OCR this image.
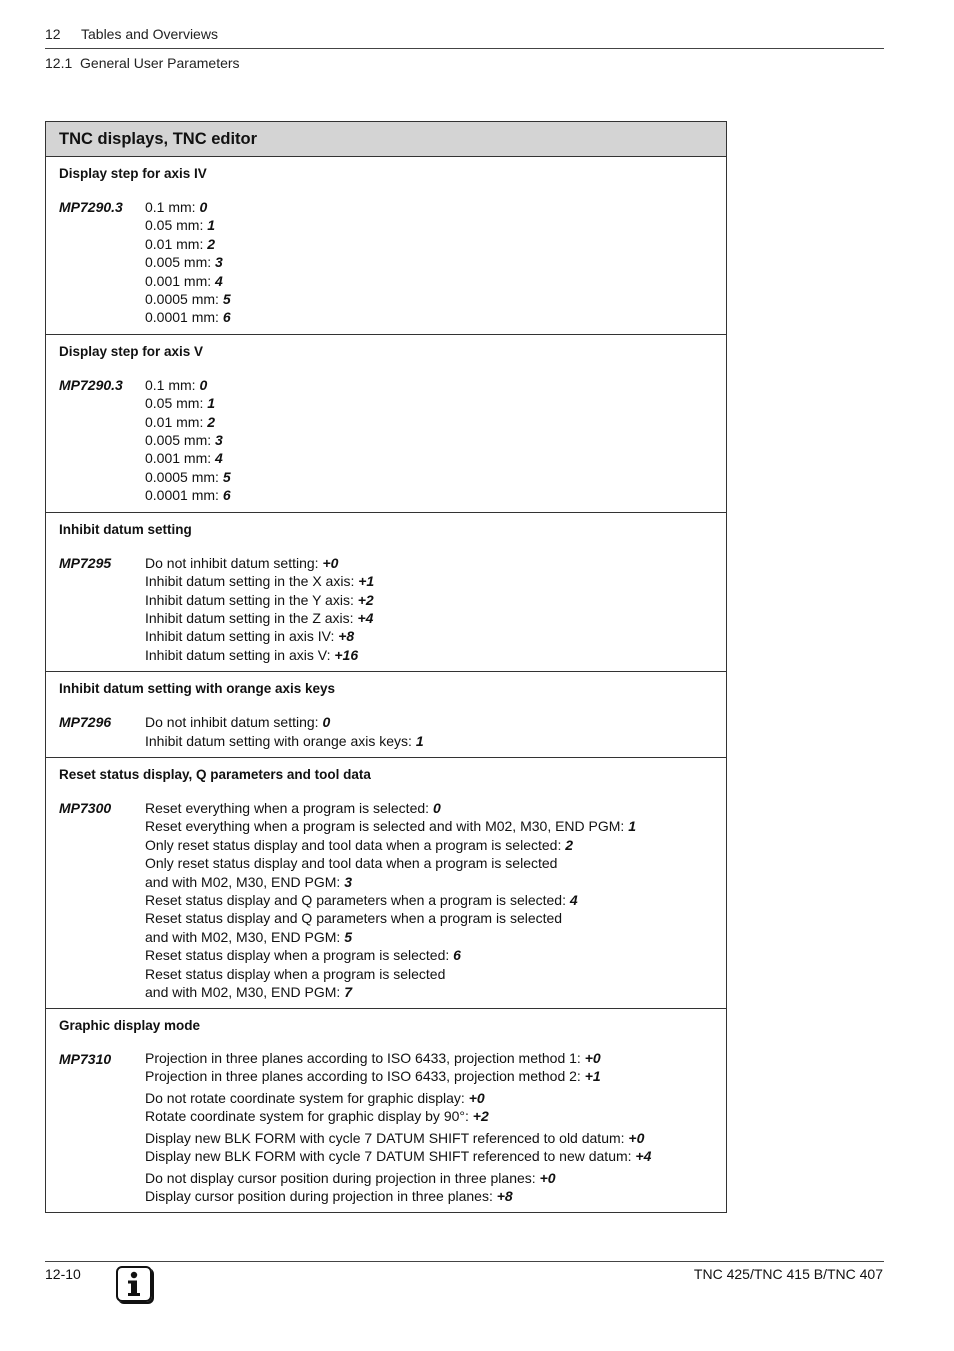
12 Tables and Overviews
12.1 General User Parameters
TNC displays, TNC editor
Display step for axis IV
MP7290.3	0.1 mm: 0
0.05 mm: 1
0.01 mm: 2
0.005 mm: 3
0.001 mm: 4
0.0005 mm: 5
0.0001 mm: 6
Display step for axis V
MP7290.3	0.1 mm: 0
0.05 mm: 1
0.01 mm: 2
0.005 mm: 3
0.001 mm: 4
0.0005 mm: 5
0.0001 mm: 6
Inhibit datum setting
MP7295	Do not inhibit datum setting: +0
Inhibit datum setting in the X axis: +1
Inhibit datum setting in the Y axis: +2
Inhibit datum setting in the Z axis: +4
Inhibit datum setting in axis IV: +8
Inhibit datum setting in axis V: +16
Inhibit datum setting with orange axis keys
MP7296	Do not inhibit datum setting: 0
Inhibit datum setting with orange axis keys: 1
Reset status display, Q parameters and tool data
MP7300	Reset everything when a program is selected: 0
Reset everything when a program is selected and with M02, M30, END PGM: 1
Only reset status display and tool data when a program is selected: 2
Only reset status display and tool data when a program is selected
and with M02, M30, END PGM: 3
Reset status display and Q parameters when a program is selected: 4
Reset status display and Q parameters when a program is selected
and with M02, M30, END PGM: 5
Reset status display when a program is selected: 6
Reset status display when a program is selected
and with M02, M30, END PGM: 7
Graphic display mode
MP7310	Projection in three planes according to ISO 6433, projection method 1: +0
Projection in three planes according to ISO 6433, projection method 2: +1
Do not rotate coordinate system for graphic display: +0
Rotate coordinate system for graphic display by 90°: +2
Display new BLK FORM with cycle 7 DATUM SHIFT referenced to old datum: +0
Display new BLK FORM with cycle 7 DATUM SHIFT referenced to new datum: +4
Do not display cursor position during projection in three planes: +0
Display cursor position during projection in three planes: +8
12-10	TNC 425/TNC 415 B/TNC 407
